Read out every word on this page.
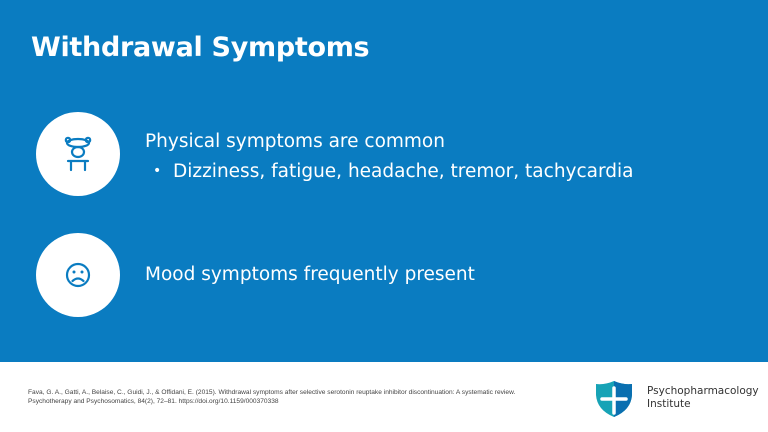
Withdrawal Symptoms
Physical symptoms are common
• Dizziness, fatigue, headache, tremor, tachycardia
Mood symptoms frequently present
Fava, G. A., Gatti, A., Belaise, C., Guidi, J., & Offidani, E. (2015). Withdrawal symptoms after selective serotonin reuptake inhibitor discontinuation: A systematic review. Psychotherapy and Psychosomatics, 84(2), 72–81. https://doi.org/10.1159/000370338
Psychopharmacology
Institute
